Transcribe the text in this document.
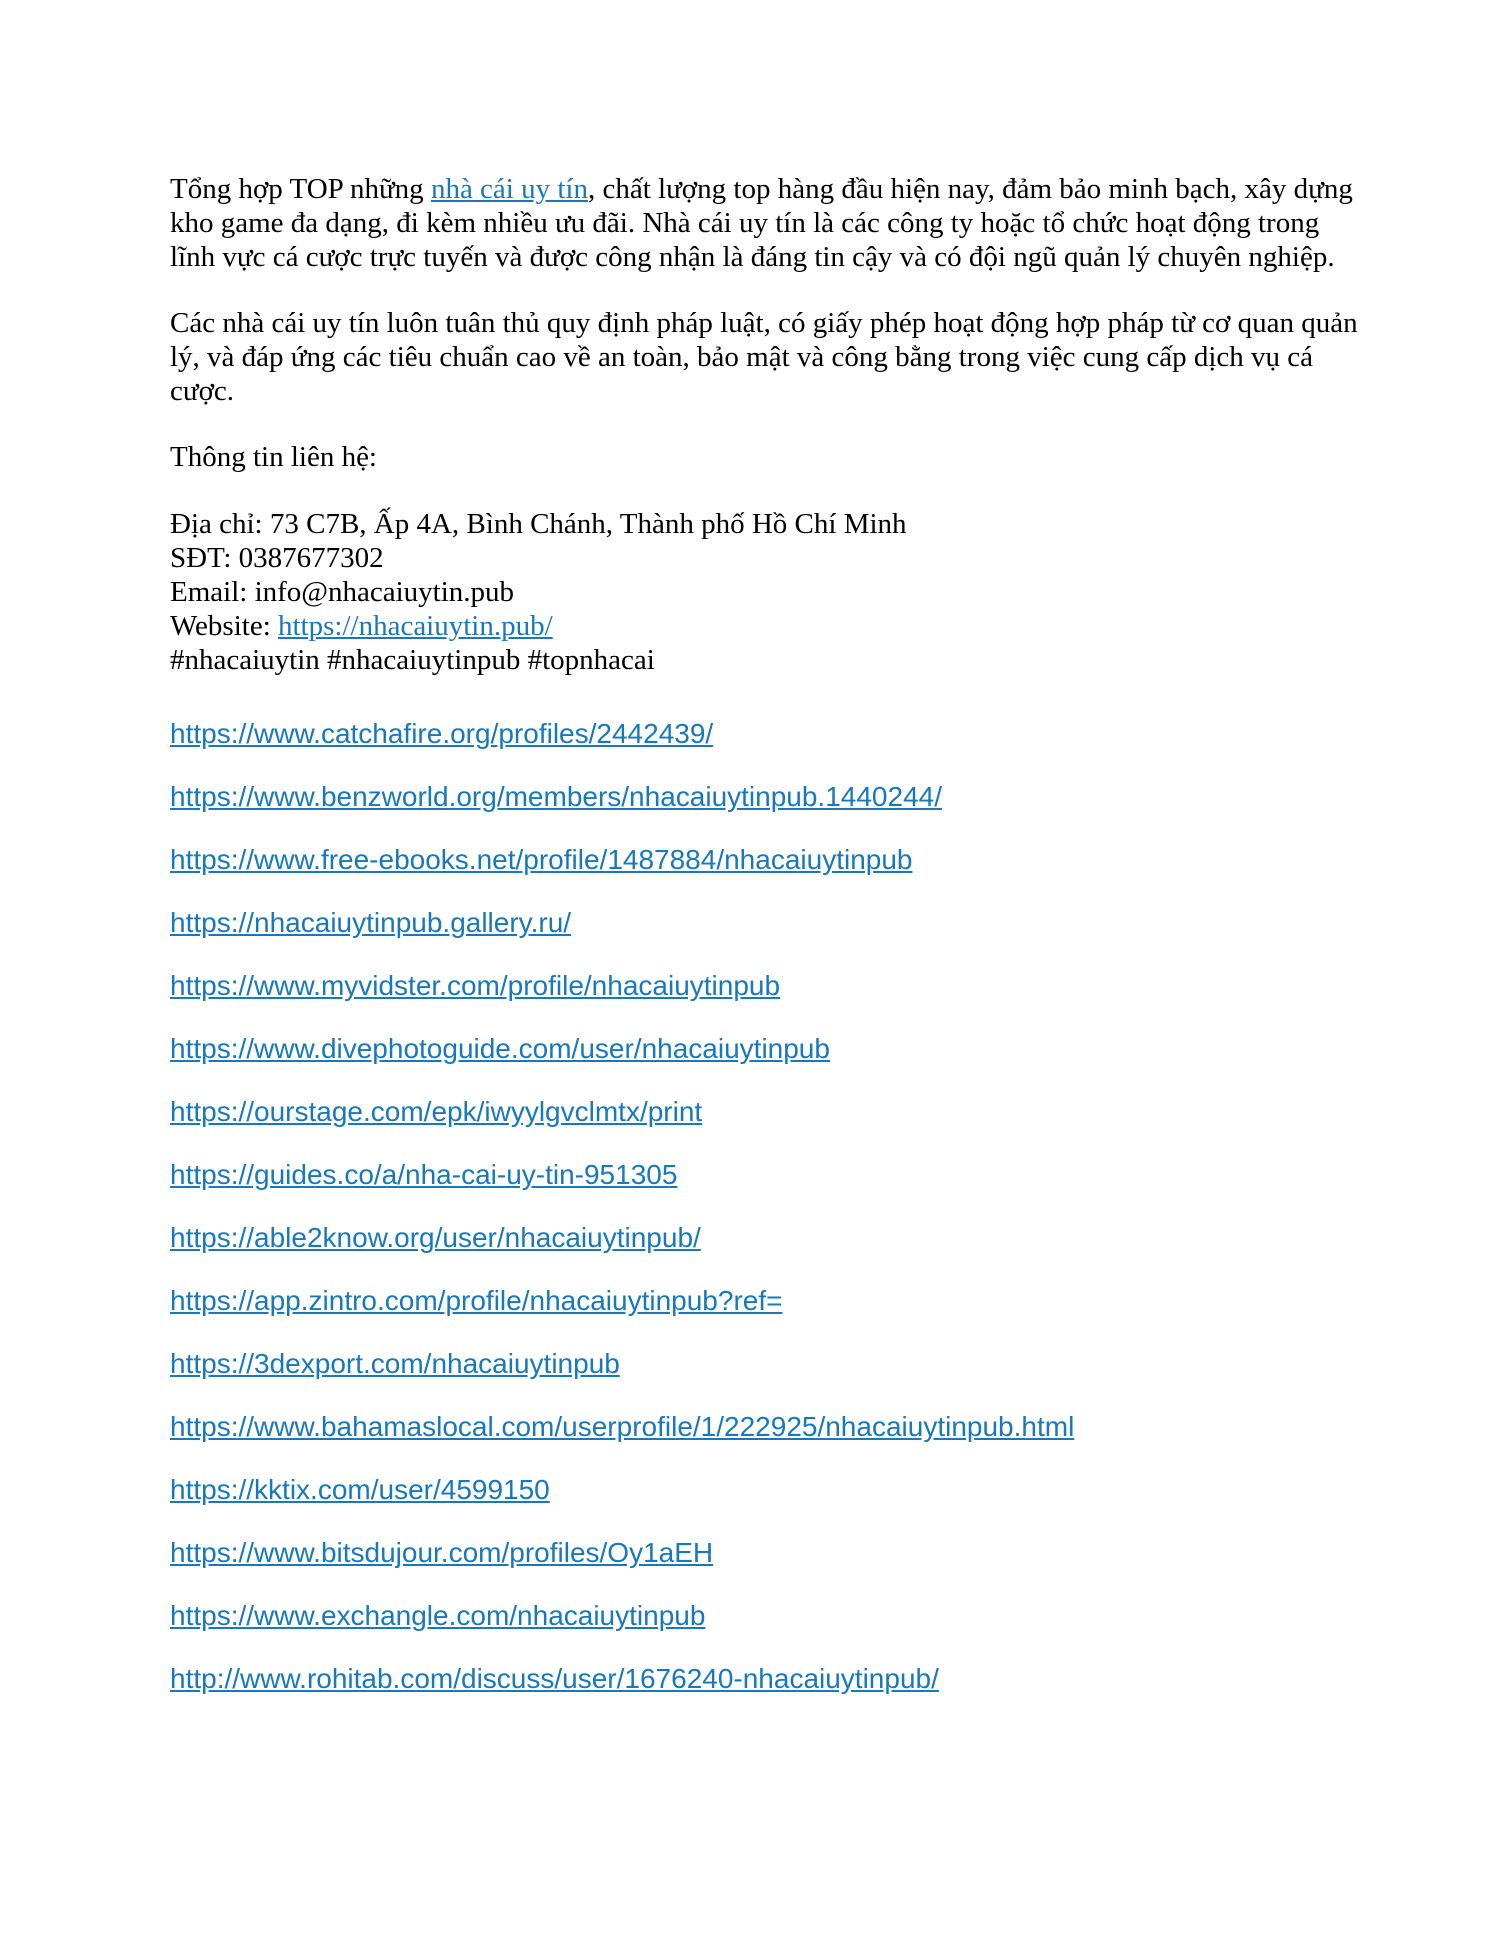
Tổng hợp TOP những nhà cái uy tín, chất lượng top hàng đầu hiện nay, đảm bảo minh bạch, xây dựng kho game đa dạng, đi kèm nhiều ưu đãi. Nhà cái uy tín là các công ty hoặc tổ chức hoạt động trong lĩnh vực cá cược trực tuyến và được công nhận là đáng tin cậy và có đội ngũ quản lý chuyên nghiệp.

Các nhà cái uy tín luôn tuân thủ quy định pháp luật, có giấy phép hoạt động hợp pháp từ cơ quan quản lý, và đáp ứng các tiêu chuẩn cao về an toàn, bảo mật và công bằng trong việc cung cấp dịch vụ cá cược.

Thông tin liên hệ:

Địa chỉ: 73 C7B, Ấp 4A, Bình Chánh, Thành phố Hồ Chí Minh

SĐT: 0387677302

Email: info@nhacaiuytin.pub

Website: https://nhacaiuytin.pub/

#nhacaiuytin #nhacaiuytinpub #topnhacai

https://www.catchafire.org/profiles/2442439/
https://www.benzworld.org/members/nhacaiuytinpub.1440244/
https://www.free-ebooks.net/profile/1487884/nhacaiuytinpub
https://nhacaiuytinpub.gallery.ru/
https://www.myvidster.com/profile/nhacaiuytinpub
https://www.divephotoguide.com/user/nhacaiuytinpub
https://ourstage.com/epk/iwyylgvclmtx/print
https://guides.co/a/nha-cai-uy-tin-951305
https://able2know.org/user/nhacaiuytinpub/
https://app.zintro.com/profile/nhacaiuytinpub?ref=
https://3dexport.com/nhacaiuytinpub
https://www.bahamaslocal.com/userprofile/1/222925/nhacaiuytinpub.html
https://kktix.com/user/4599150
https://www.bitsdujour.com/profiles/Oy1aEH
https://www.exchangle.com/nhacaiuytinpub
http://www.rohitab.com/discuss/user/1676240-nhacaiuytinpub/
